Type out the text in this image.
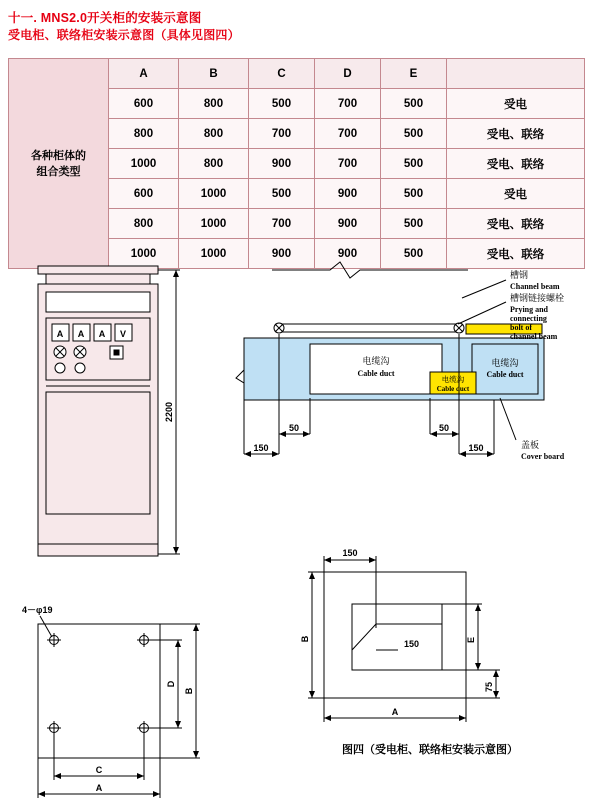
十一. MNS2.0开关柜的安装示意图
受电柜、联络柜安装示意图（具体见图四）
各种柜体的
组合类型	A	B	C	D	E	
	600	800	500	700	500	受电
	800	800	700	700	500	受电、联络
	1000	800	900	700	500	受电、联络
	600	1000	500	900	500	受电
	800	1000	700	900	500	受电、联络
	1000	1000	900	900	500	受电、联络
A A A V
2200
电缆沟
Cable duct
电缆沟
Cable duct
电缆沟
Cable duct
50	50
150	150
槽钢
Channel beam
槽钢链接螺栓
Prying and
connecting
bolt of
channel beam
盖板
Cover board
4－φ19
D
B
C
A
150
150
B	E
75
A
图四（受电柜、联络柜安装示意图）
